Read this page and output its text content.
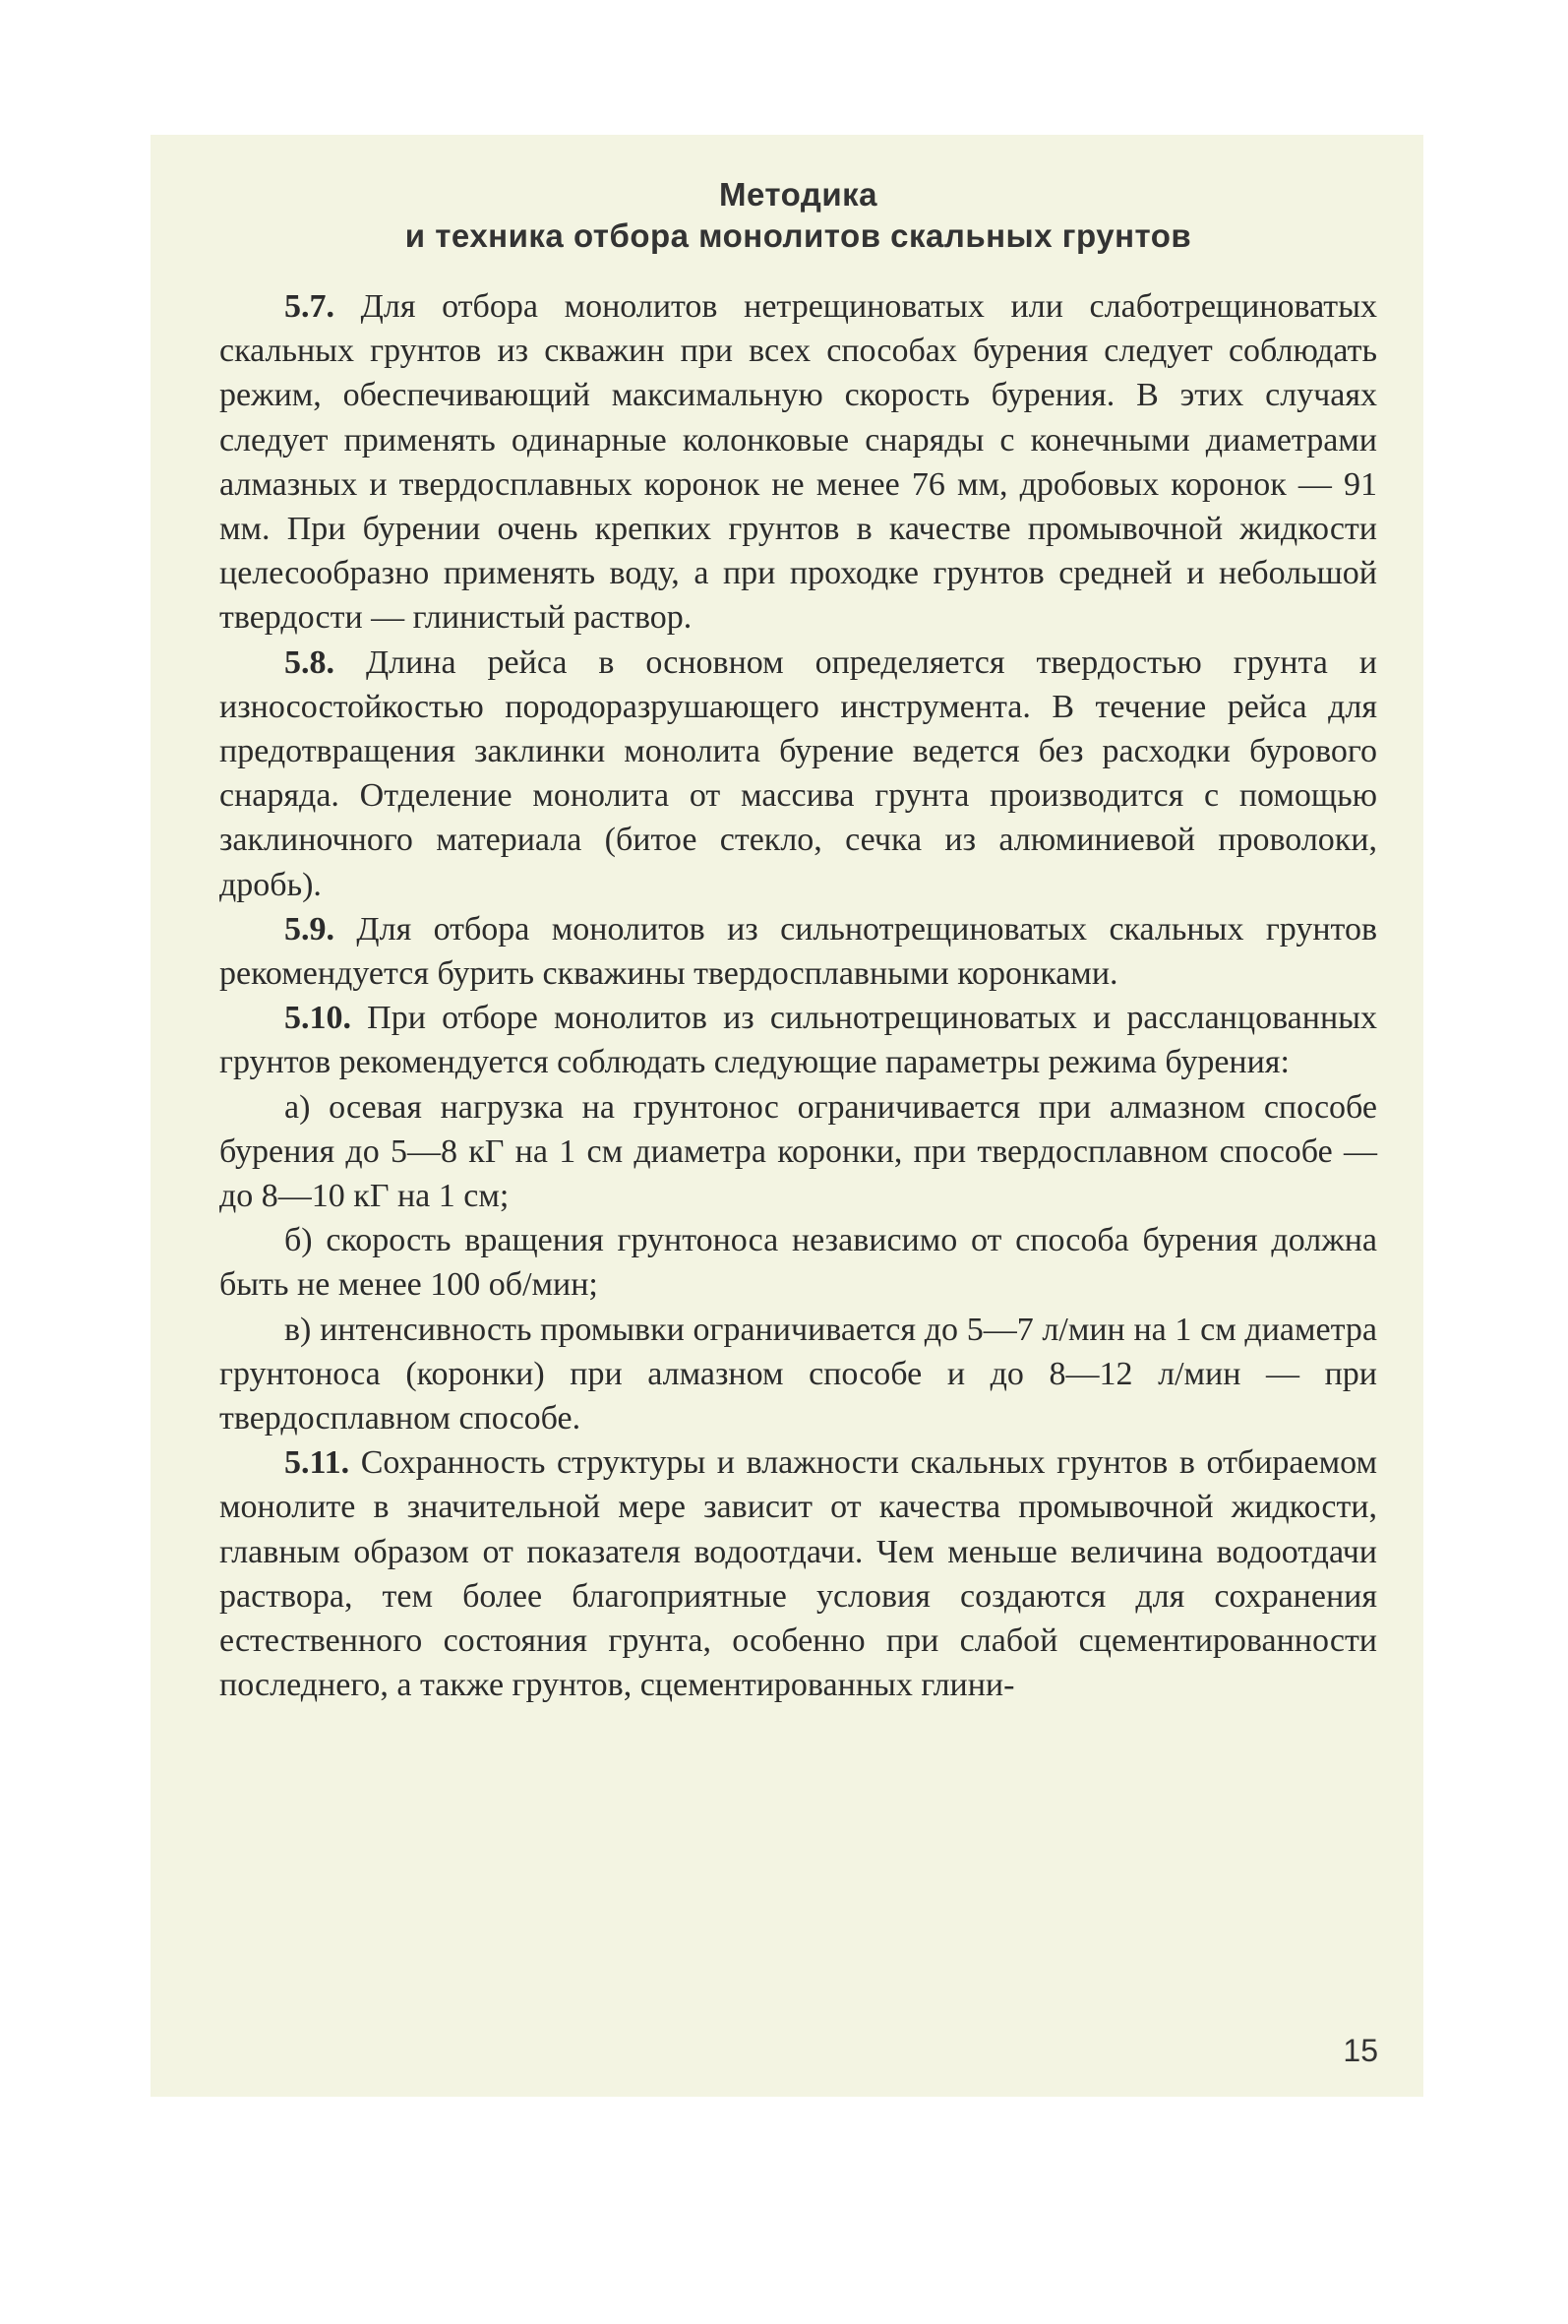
Методика
и техника отбора монолитов скальных грунтов

5.7. Для отбора монолитов нетрещиноватых или слаботрещиноватых скальных грунтов из скважин при всех способах бурения следует соблюдать режим, обеспечивающий максимальную скорость бурения. В этих случаях следует применять одинарные колонковые снаряды с конечными диаметрами алмазных и твердосплавных коронок не менее 76 мм, дробовых коронок — 91 мм. При бурении очень крепких грунтов в качестве промывочной жидкости целесообразно применять воду, а при проходке грунтов средней и небольшой твердости — глинистый раствор.

5.8. Длина рейса в основном определяется твердостью грунта и износостойкостью породоразрушающего инструмента. В течение рейса для предотвращения заклинки монолита бурение ведется без расходки бурового снаряда. Отделение монолита от массива грунта производится с помощью заклиночного материала (битое стекло, сечка из алюминиевой проволоки, дробь).

5.9. Для отбора монолитов из сильнотрещиноватых скальных грунтов рекомендуется бурить скважины твердосплавными коронками.

5.10. При отборе монолитов из сильнотрещиноватых и рассланцованных грунтов рекомендуется соблюдать следующие параметры режима бурения:

а) осевая нагрузка на грунтонос ограничивается при алмазном способе бурения до 5—8 кГ на 1 см диаметра коронки, при твердосплавном способе — до 8—10 кГ на 1 см;

б) скорость вращения грунтоноса независимо от способа бурения должна быть не менее 100 об/мин;

в) интенсивность промывки ограничивается до 5—7 л/мин на 1 см диаметра грунтоноса (коронки) при алмазном способе и до 8—12 л/мин — при твердосплавном способе.

5.11. Сохранность структуры и влажности скальных грунтов в отбираемом монолите в значительной мере зависит от качества промывочной жидкости, главным образом от показателя водоотдачи. Чем меньше величина водоотдачи раствора, тем более благоприятные условия создаются для сохранения естественного состояния грунта, особенно при слабой сцементированности последнего, а также грунтов, сцементированных глини-

15
